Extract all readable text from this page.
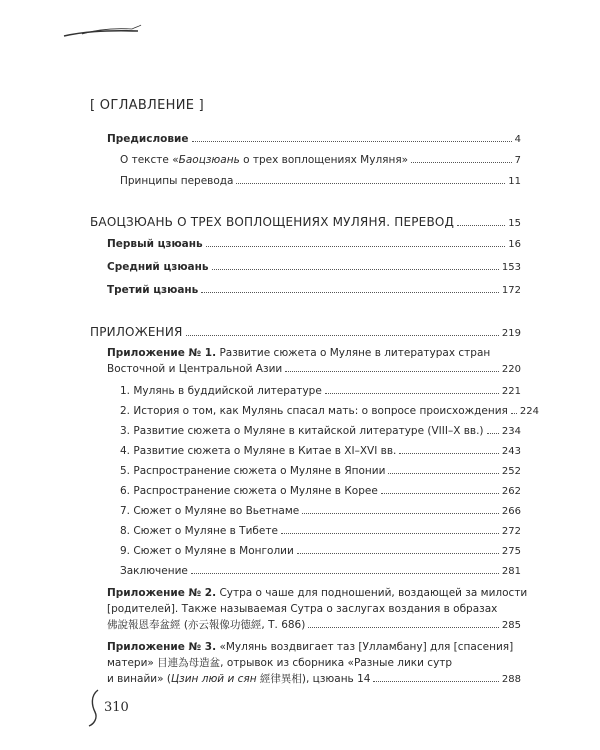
[ ОГЛАВЛЕНИЕ ]
Предисловие	4
О тексте «Баоцзюань о трех воплощениях Муляня»	7
Принципы перевода	11
БАОЦЗЮАНЬ О ТРЕХ ВОПЛОЩЕНИЯХ МУЛЯНЯ. ПЕРЕВОД	15
Первый цзюань	16
Средний цзюань	153
Третий цзюань	172
ПРИЛОЖЕНИЯ	219
Приложение № 1. Развитие сюжета о Муляне в литературах стран
Восточной и Центральной Азии	220
1. Мулянь в буддийской литературе	221
2. История о том, как Мулянь спасал мать: о вопросе происхождения 224
3. Развитие сюжета о Муляне в китайской литературе (VIII–X вв.) 234
4. Развитие сюжета о Муляне в Китае в XI–XVI вв.	243
5. Распространение сюжета о Муляне в Японии	252
6. Распространение сюжета о Муляне в Корее	262
7. Сюжет о Муляне во Вьетнаме	266
8. Сюжет о Муляне в Тибете	272
9. Сюжет о Муляне в Монголии	275
Заключение	281
Приложение № 2. Сутра о чаше для подношений, воздающей за милости
[родителей]. Также называемая Сутра о заслугах воздания в образах
佛說報恩奉盆經 (亦云報像功德經, Т. 686)	285
Приложение № 3. «Мулянь воздвигает таз [Улламбану] для [спасения]
матери» 目連為母造盆, отрывок из сборника «Разные лики сутр
и винайи» (Цзин люй и сян 經律異相), цзюань 14	288
310
